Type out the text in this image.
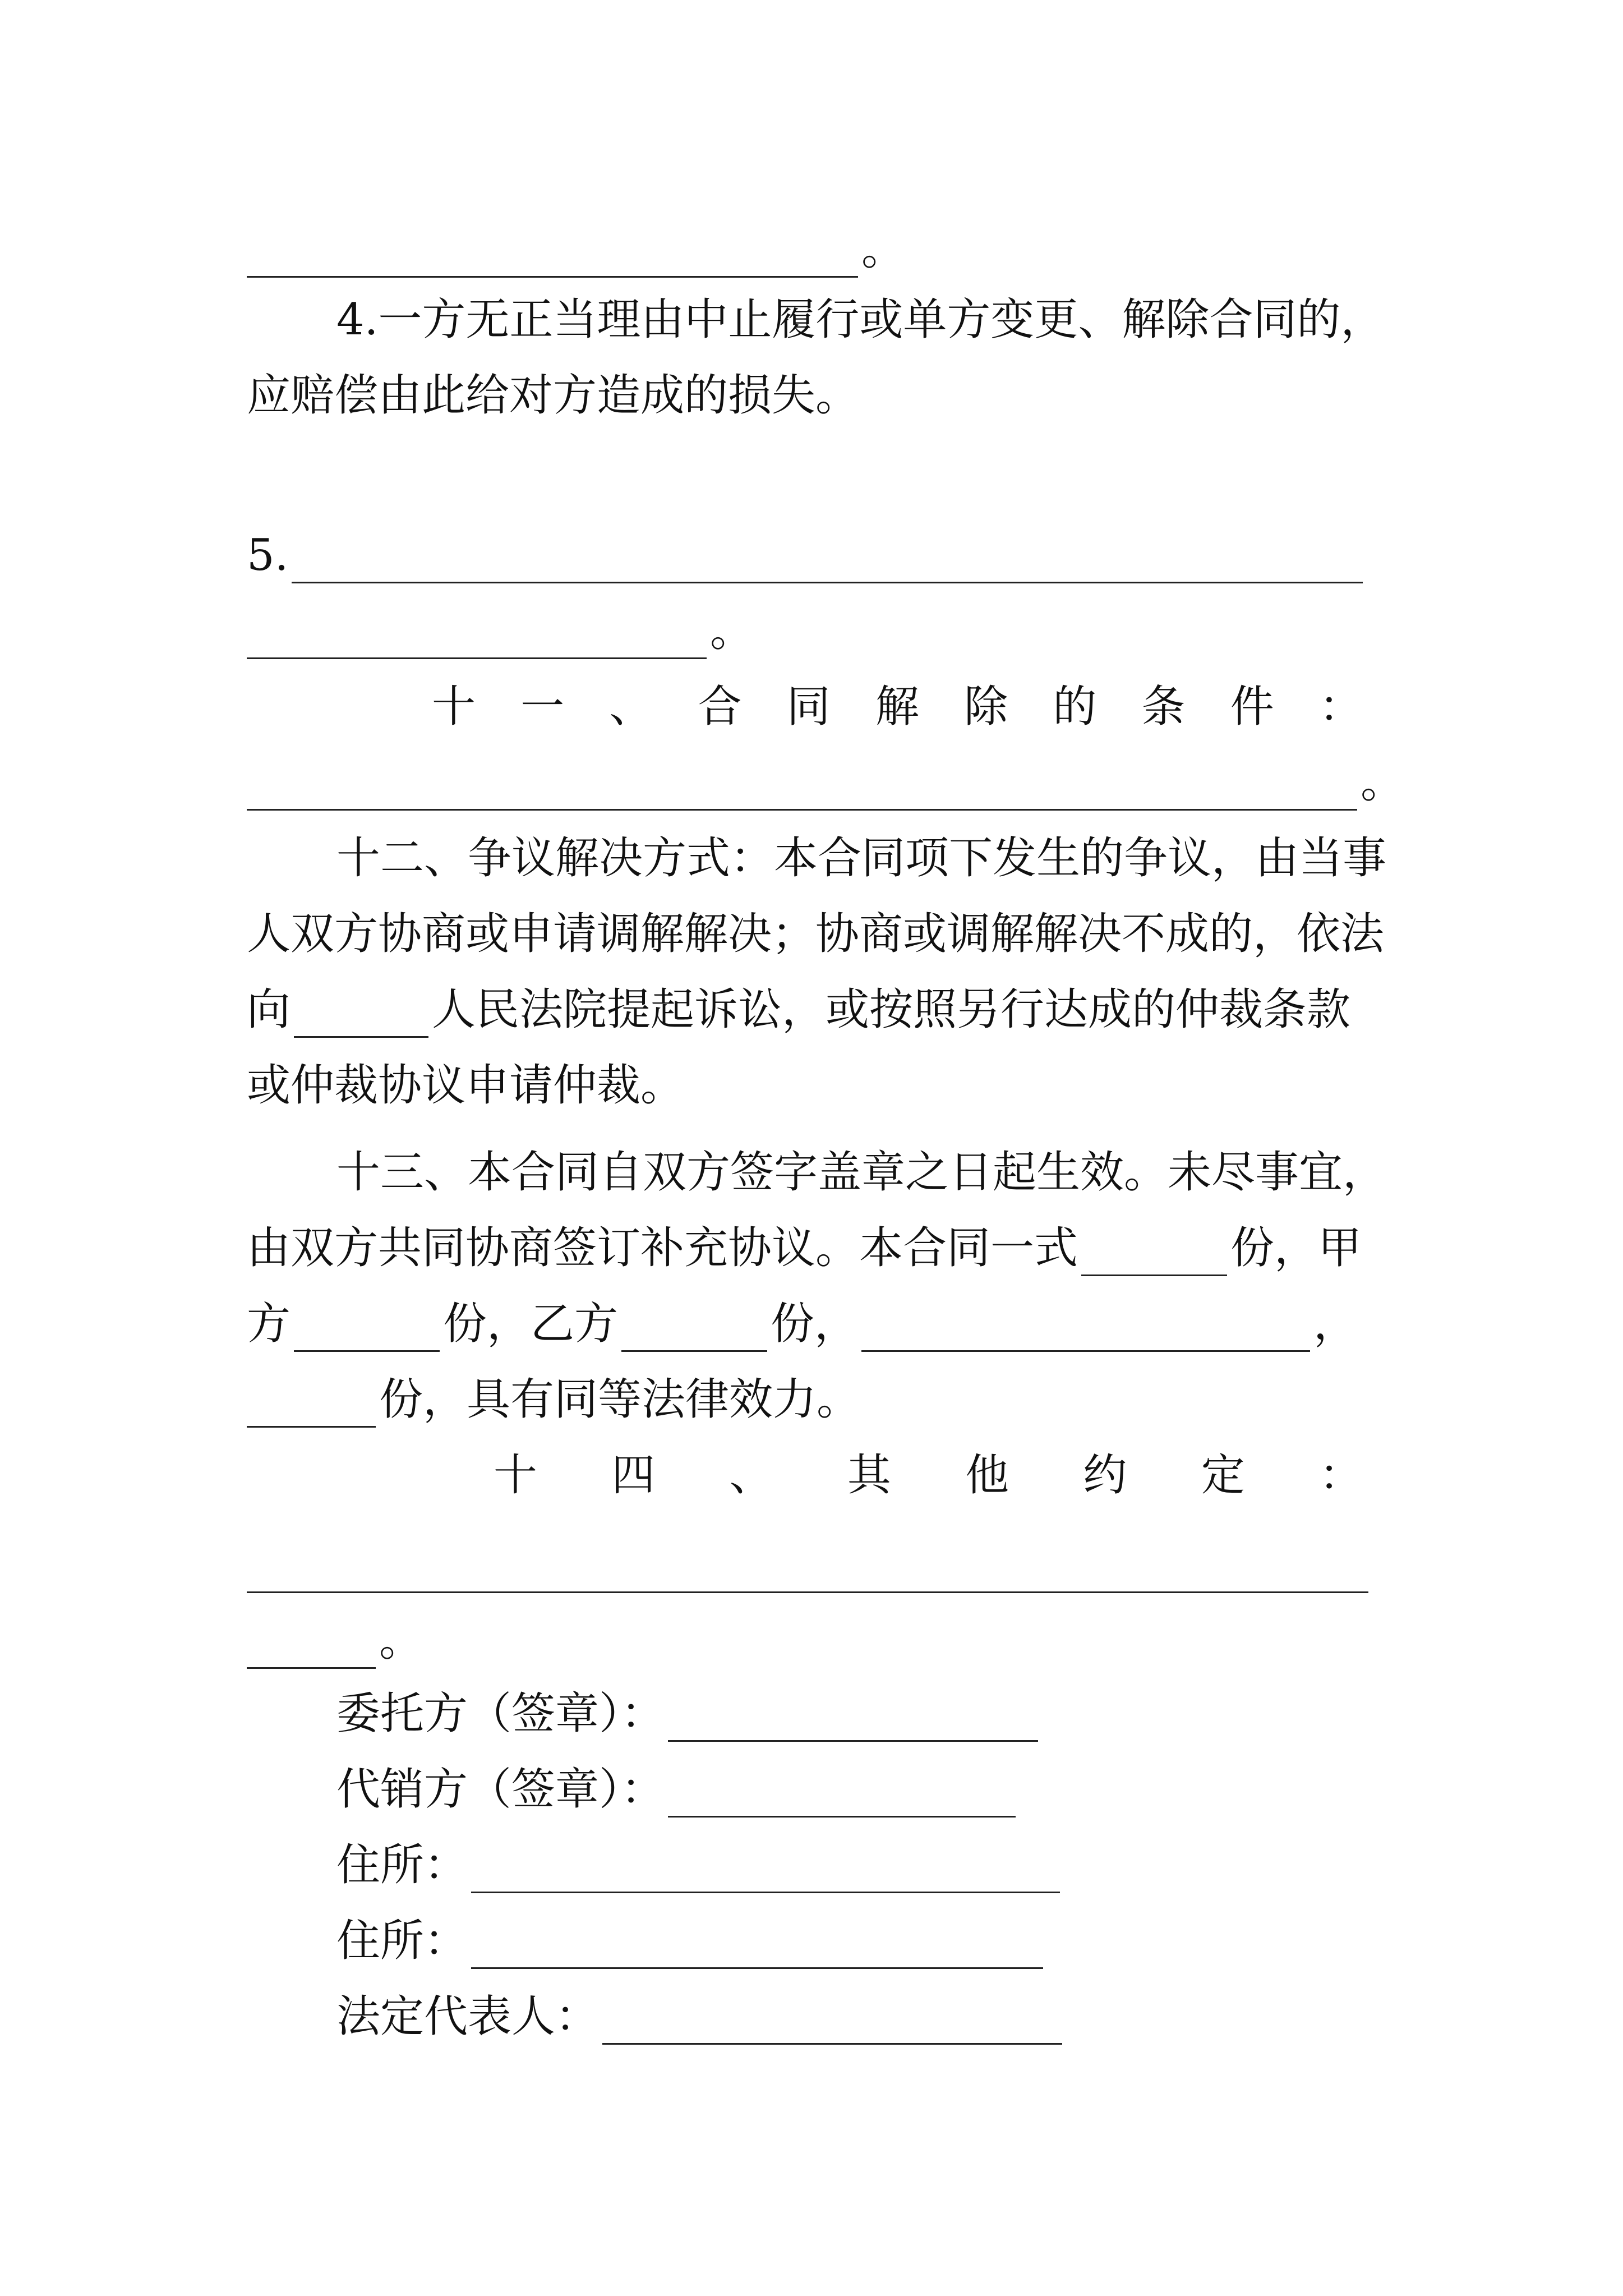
。
4.一方无正当理由中止履行或单方变更、解除合同的，
应赔偿由此给对方造成的损失。
5.
。
十 一 、 合 同 解 除 的 条 件 ：
。
十二、争议解决方式：本合同项下发生的争议，由当事
人双方协商或申请调解解决；协商或调解解决不成的，依法
向	人民法院提起诉讼，或按照另行达成的仲裁条款
或仲裁协议申请仲裁。
十三、本合同自双方签字盖章之日起生效。未尽事宜，
由双方共同协商签订补充协议。本合同一式	份，甲
方	份，乙方	份，	，
份，具有同等法律效力。
十 四 、 其 他 约 定 ：
。
委托方（签章）：
代销方（签章）：
住所：
住所：
法定代表人：
